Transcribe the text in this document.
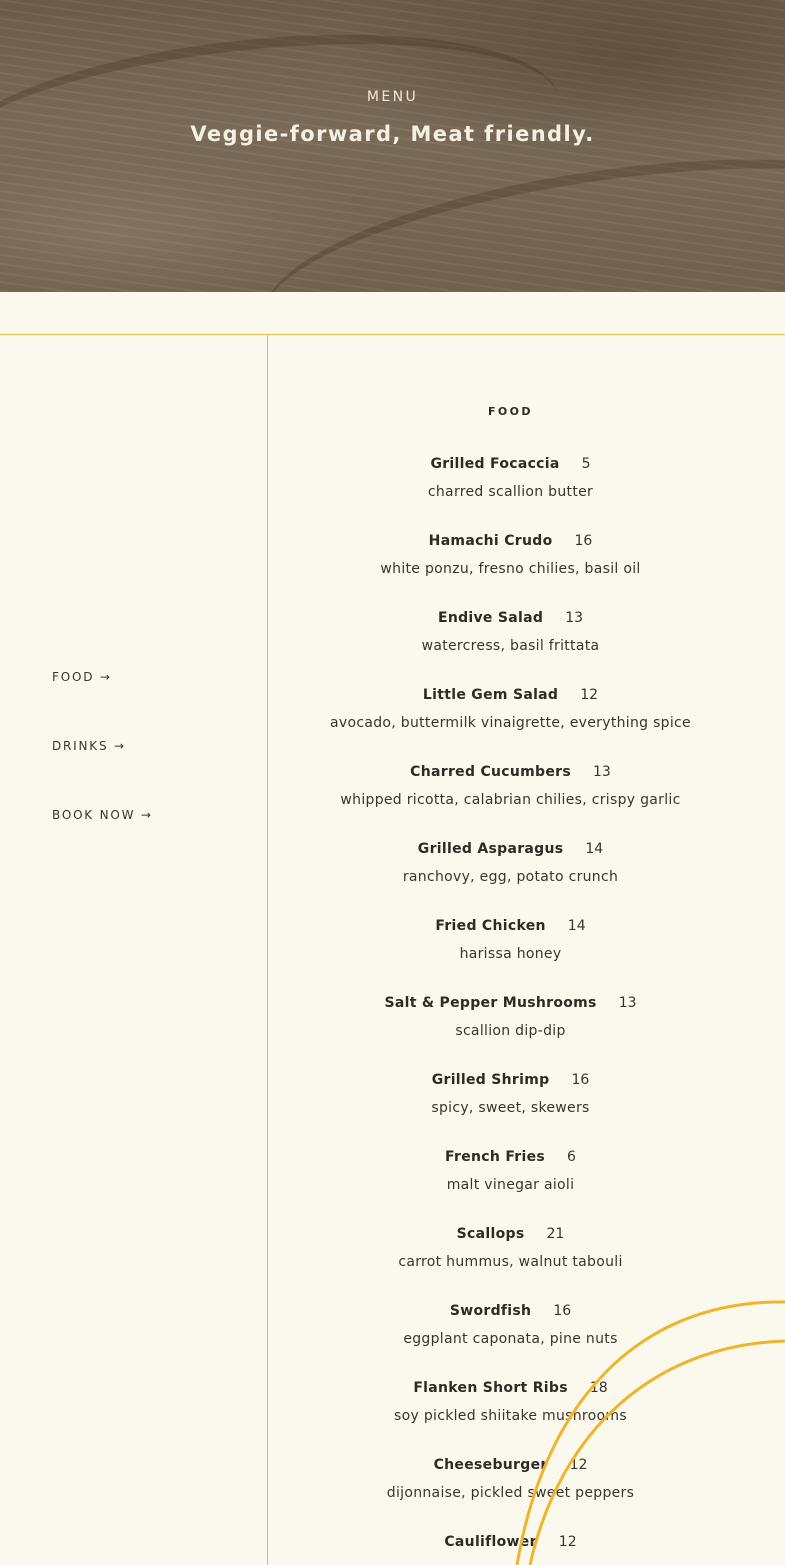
MENU
Veggie-forward, Meat friendly.
FOOD →
DRINKS →
BOOK NOW →
FOOD
Grilled Focaccia 5
charred scallion butter
Hamachi Crudo 16
white ponzu, fresno chilies, basil oil
Endive Salad 13
watercress, basil frittata
Little Gem Salad 12
avocado, buttermilk vinaigrette, everything spice
Charred Cucumbers 13
whipped ricotta, calabrian chilies, crispy garlic
Grilled Asparagus 14
ranchovy, egg, potato crunch
Fried Chicken 14
harissa honey
Salt & Pepper Mushrooms 13
scallion dip-dip
Grilled Shrimp 16
spicy, sweet, skewers
French Fries 6
malt vinegar aioli
Scallops 21
carrot hummus, walnut tabouli
Swordfish 16
eggplant caponata, pine nuts
Flanken Short Ribs 18
soy pickled shiitake mushrooms
Cheeseburger 12
dijonnaise, pickled sweet peppers
Cauliflower 12
